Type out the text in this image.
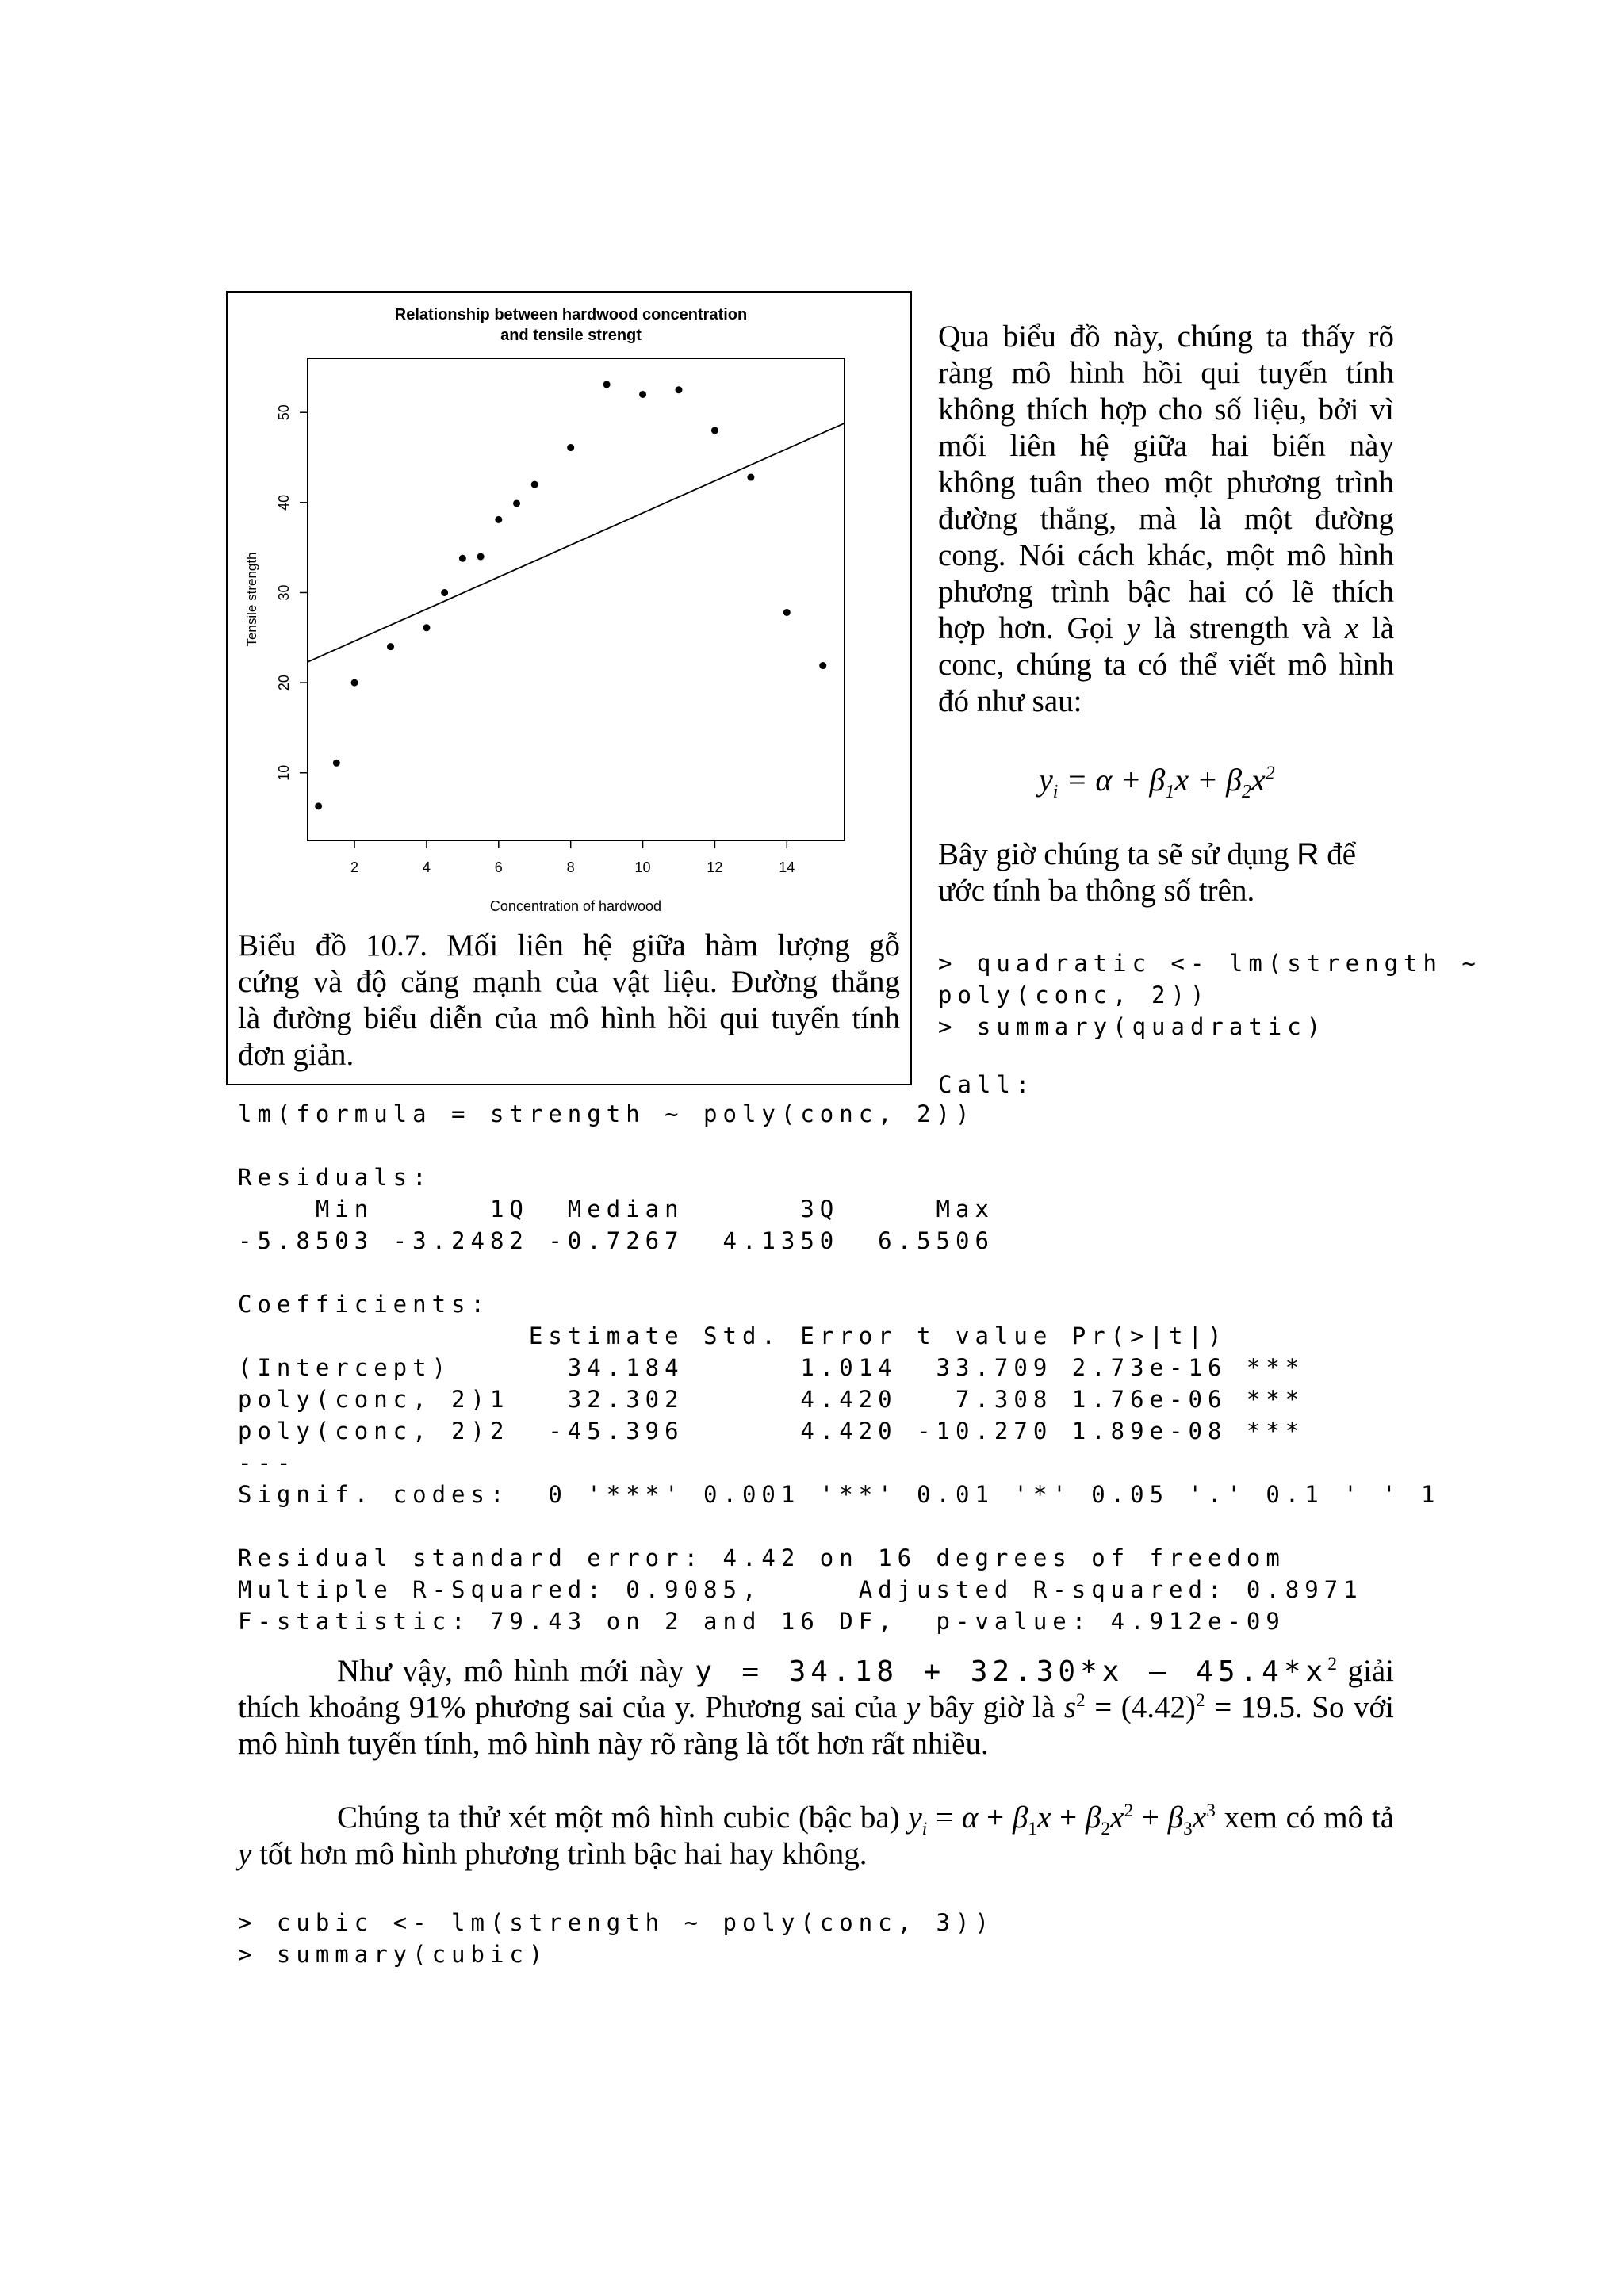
Relationship between hardwood concentration
and tensile strengt
2	4	6	8	10	12	14
10
20
30
40
50
Concentration of hardwood
Tensile strength
Biểu đồ 10.7. Mối liên hệ giữa hàm lượng gỗ
cứng và độ căng mạnh của vật liệu. Đường thẳng
là đường biểu diễn của mô hình hồi qui tuyến tính
đơn giản.
Qua biểu đồ này, chúng ta thấy rõ
ràng mô hình hồi qui tuyến tính
không thích hợp cho số liệu, bởi vì
mối liên hệ giữa hai biến này
không tuân theo một phương trình
đường thẳng, mà là một đường
cong. Nói cách khác, một mô hình
phương trình bậc hai có lẽ thích
hợp hơn. Gọi y là strength và x là
conc, chúng ta có thể viết mô hình
đó như sau:
$y_i = \alpha + \beta_1x + \beta_2x^2$
Bây giờ chúng ta sẽ sử dụng R để
ước tính ba thông số trên.
> quadratic <- lm(strength ~
poly(conc, 2))
> summary(quadratic)
Call:
lm(formula = strength ~ poly(conc, 2))

Residuals:
Min      1Q  Median      3Q     Max
-5.8503 -3.2482 -0.7267  4.1350  6.5506

Coefficients:
Estimate Std. Error t value Pr(>|t|)
(Intercept)      34.184      1.014  33.709 2.73e-16 ***
poly(conc, 2)1   32.302      4.420   7.308 1.76e-06 ***
poly(conc, 2)2  -45.396      4.420 -10.270 1.89e-08 ***
---
Signif. codes:  0 '***' 0.001 '**' 0.01 '*' 0.05 '.' 0.1 ' ' 1

Residual standard error: 4.42 on 16 degrees of freedom
Multiple R-Squared: 0.9085,     Adjusted R-squared: 0.8971
F-statistic: 79.43 on 2 and 16 DF,  p-value: 4.912e-09
Như vậy, mô hình mới này $y = 34.18 + 32.30*x - 45.4*x^2$ giải thích khoảng 91% phương sai của y. Phương sai của y bây giờ là $s^2 = (4.42)^2 = 19.5$. So với mô hình tuyến tính, mô hình này rõ ràng là tốt hơn rất nhiều.
Chúng ta thử xét một mô hình cubic (bậc ba) $y_i = \alpha + \beta_1x + \beta_2x^2 + \beta_3x^3$ xem có mô tả y tốt hơn mô hình phương trình bậc hai hay không.
> cubic <- lm(strength ~ poly(conc, 3))
> summary(cubic)
